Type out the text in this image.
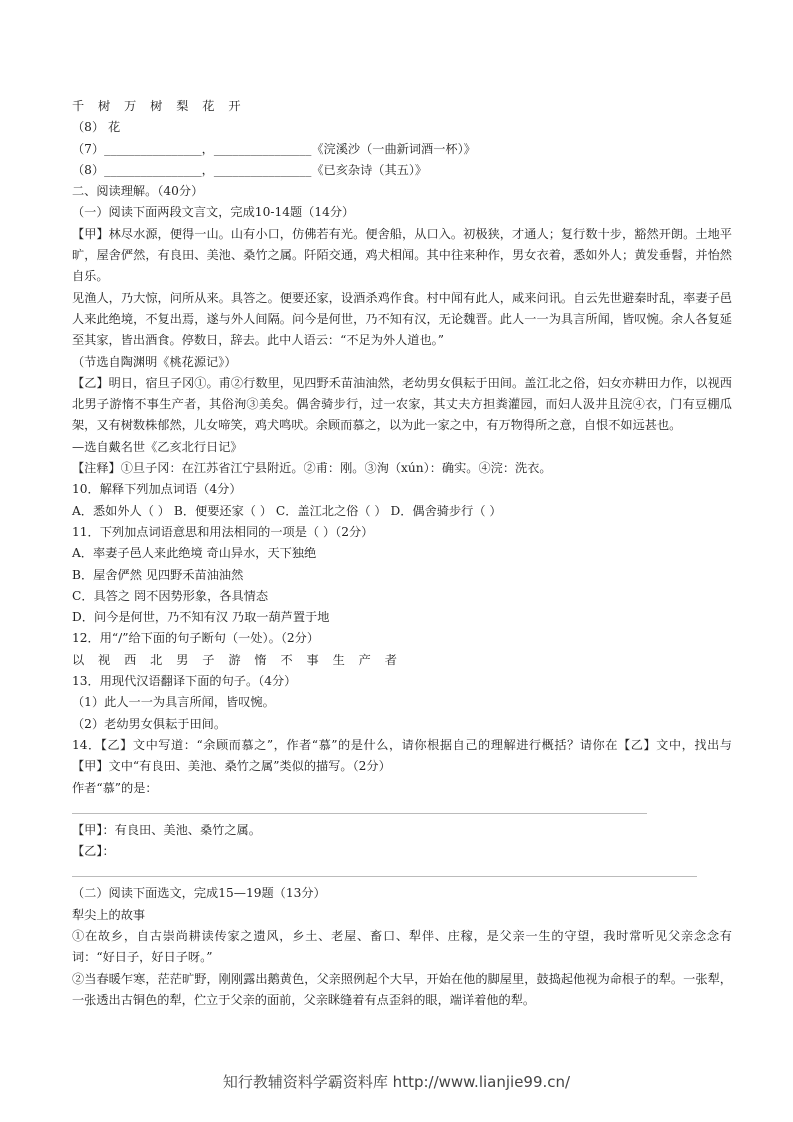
千 树 万 树 梨 花 开

（8） 花

（7）________________，________________《浣溪沙（一曲新词酒一杯）》

（8）________________，________________《已亥杂诗（其五）》

二、阅读理解。（40分）

（一）阅读下面两段文言文，完成10-14题（14分）

【甲】林尽水源，便得一山。山有小口，仿佛若有光。便舍船，从口入。初极狭，才通人；复行数十步，豁然开朗。土地平旷，屋舍俨然，有良田、美池、桑竹之属。阡陌交通，鸡犬相闻。其中往来种作，男女衣着，悉如外人；黄发垂髫，并怡然自乐。

见渔人，乃大惊，问所从来。具答之。便要还家，设酒杀鸡作食。村中闻有此人，咸来问讯。自云先世避秦时乱，率妻子邑人来此绝境，不复出焉，遂与外人间隔。问今是何世，乃不知有汉，无论魏晋。此人一一为具言所闻，皆叹惋。余人各复延至其家，皆出酒食。停数日，辞去。此中人语云：“不足为外人道也。”

（节选自陶渊明《桃花源记》）

【乙】明日，宿旦子冈①。甫②行数里，见四野禾苗油油然，老幼男女俱耘于田间。盖江北之俗，妇女亦耕田力作，以视西北男子游惰不事生产者，其俗洵③美矣。偶舍骑步行，过一农家，其丈夫方担粪灌园，而妇人汲井且浣④衣，门有豆棚瓜架，又有树数株郁然，儿女啼笑，鸡犬鸣吠。余顾而慕之，以为此一家之中，有万物得所之意，自恨不如远甚也。

—选自戴名世《乙亥北行日记》

【注释】①旦子冈：在江苏省江宁县附近。②甫：刚。③洵（xún）：确实。④浣：洗衣。

10．解释下列加点词语（4分）

A．悉如外人（ ） B．便要还家（ ） C．盖江北之俗（ ） D．偶舍骑步行（ ）

11．下列加点词语意思和用法相同的一项是（ ）（2分）

A．率妻子邑人来此绝境 奇山异水，天下独绝

B．屋舍俨然 见四野禾苗油油然

C．具答之 罔不因势形象，各具情态

D．问今是何世，乃不知有汉 乃取一葫芦置于地

12．用“/”给下面的句子断句（一处）。（2分）

以 视 西 北 男 子 游 惰 不 事 生 产 者

13．用现代汉语翻译下面的句子。（4分）

（1）此人一一为具言所闻，皆叹惋。

（2）老幼男女俱耘于田间。

14．【乙】文中写道：“余顾而慕之”，作者“慕”的是什么，请你根据自己的理解进行概括？请你在【乙】文中，找出与【甲】文中“有良田、美池、桑竹之属”类似的描写。（2分）

作者“慕”的是：

【甲】：有良田、美池、桑竹之属。

【乙】：

（二）阅读下面选文，完成15—19题（13分）

犁尖上的故事

①在故乡，自古崇尚耕读传家之遗风，乡土、老屋、畜口、犁伴、庄稼，是父亲一生的守望，我时常听见父亲念念有词：“好日子，好日子呀。”

②当春暖乍寒，茫茫旷野，刚刚露出鹅黄色，父亲照例起个大早，开始在他的脚屋里，鼓捣起他视为命根子的犁。一张犁，一张透出古铜色的犁，伫立于父亲的面前，父亲眯缝着有点歪斜的眼，端详着他的犁。

知行教辅资料学霸资料库 http://www.lianjie99.cn/
